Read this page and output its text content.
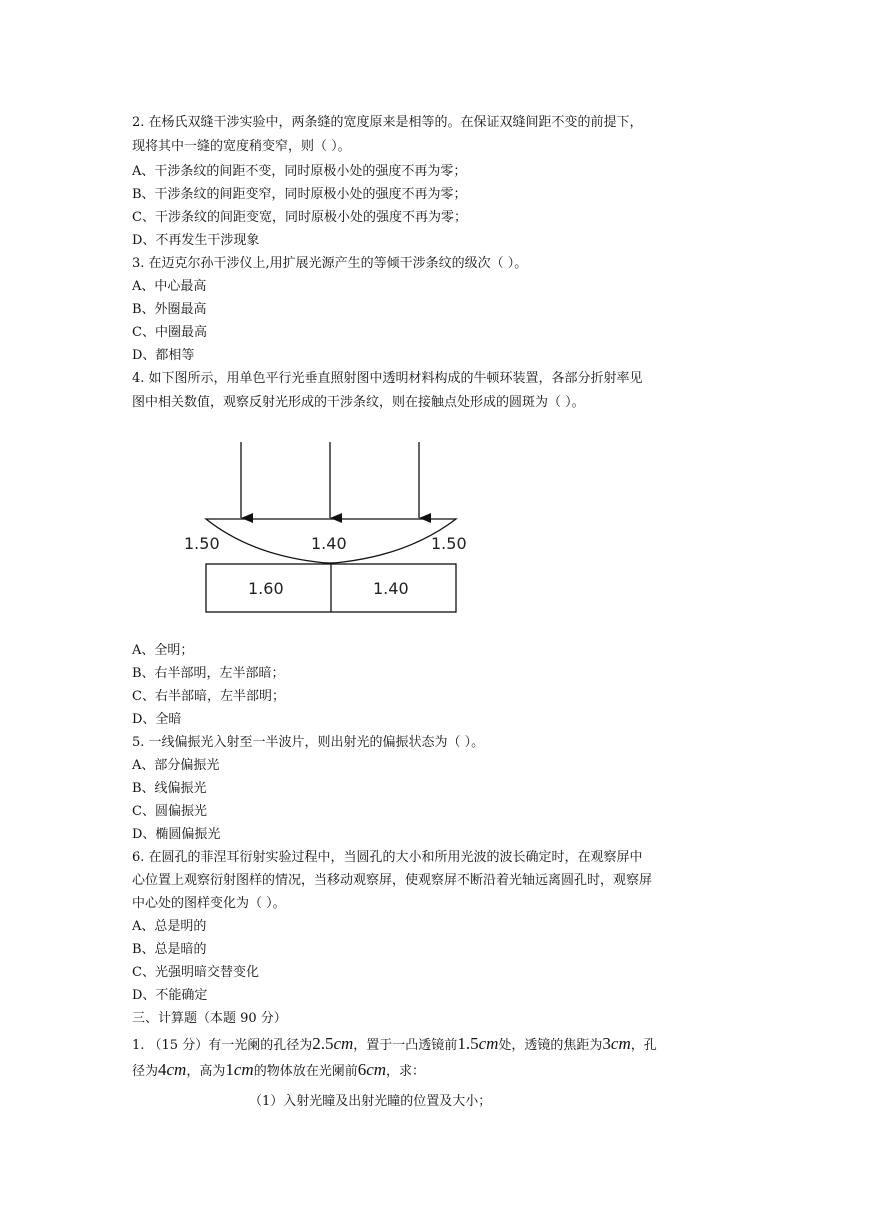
2. 在杨氏双缝干涉实验中，两条缝的宽度原来是相等的。在保证双缝间距不变的前提下，
现将其中一缝的宽度稍变窄，则（ ）。
A、干涉条纹的间距不变，同时原极小处的强度不再为零；
B、干涉条纹的间距变窄，同时原极小处的强度不再为零；
C、干涉条纹的间距变宽，同时原极小处的强度不再为零；
D、不再发生干涉现象
3. 在迈克尔孙干涉仪上,用扩展光源产生的等倾干涉条纹的级次（ ）。
A、中心最高
B、外圈最高
C、中圈最高
D、都相等
4. 如下图所示，用单色平行光垂直照射图中透明材料构成的牛顿环装置，各部分折射率见
图中相关数值，观察反射光形成的干涉条纹，则在接触点处形成的圆斑为（ ）。
1.50	1.40	1.50
1.60	1.40
A、全明；
B、右半部明，左半部暗；
C、右半部暗，左半部明；
D、全暗
5. 一线偏振光入射至一半波片，则出射光的偏振状态为（ ）。
A、部分偏振光
B、线偏振光
C、圆偏振光
D、椭圆偏振光
6. 在圆孔的菲涅耳衍射实验过程中，当圆孔的大小和所用光波的波长确定时，在观察屏中
心位置上观察衍射图样的情况，当移动观察屏，使观察屏不断沿着光轴远离圆孔时，观察屏
中心处的图样变化为（ ）。
A、总是明的
B、总是暗的
C、光强明暗交替变化
D、不能确定
三、计算题（本题 90 分）
1. （15 分）有一光阑的孔径为2.5cm，置于一凸透镜前1.5cm处，透镜的焦距为3cm，孔
径为4cm，高为1cm的物体放在光阑前6cm，求：
（1）入射光瞳及出射光瞳的位置及大小；
